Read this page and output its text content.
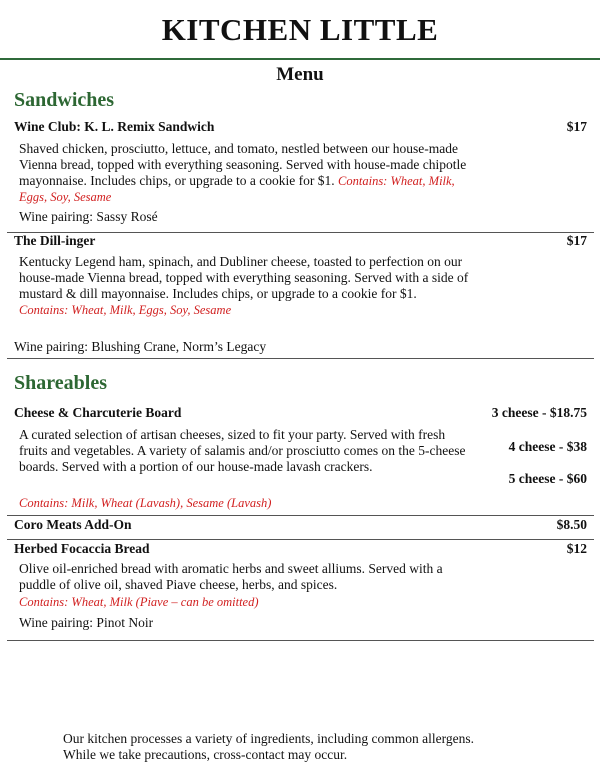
KITCHEN LITTLE
Menu
Sandwiches
Wine Club: K. L. Remix Sandwich	$17
Shaved chicken, prosciutto, lettuce, and tomato, nestled between our house-made Vienna bread, topped with everything seasoning. Served with house-made chipotle mayonnaise. Includes chips, or upgrade to a cookie for $1. Contains: Wheat, Milk, Eggs, Soy, Sesame
Wine pairing: Sassy Rosé
The Dill-inger	$17
Kentucky Legend ham, spinach, and Dubliner cheese, toasted to perfection on our house-made Vienna bread, topped with everything seasoning. Served with a side of mustard & dill mayonnaise. Includes chips, or upgrade to a cookie for $1.
Contains: Wheat, Milk, Eggs, Soy, Sesame
Wine pairing: Blushing Crane, Norm’s Legacy
Shareables
Cheese & Charcuterie Board	3 cheese - $18.75
4 cheese - $38
5 cheese - $60
A curated selection of artisan cheeses, sized to fit your party. Served with fresh fruits and vegetables. A variety of salamis and/or prosciutto comes on the 5-cheese boards. Served with a portion of our house-made lavash crackers.
Contains: Milk, Wheat (Lavash), Sesame (Lavash)
Coro Meats Add-On	$8.50
Herbed Focaccia Bread	$12
Olive oil-enriched bread with aromatic herbs and sweet alliums. Served with a puddle of olive oil, shaved Piave cheese, herbs, and spices.
Contains: Wheat, Milk (Piave – can be omitted)
Wine pairing: Pinot Noir
Our kitchen processes a variety of ingredients, including common allergens.
While we take precautions, cross-contact may occur.
